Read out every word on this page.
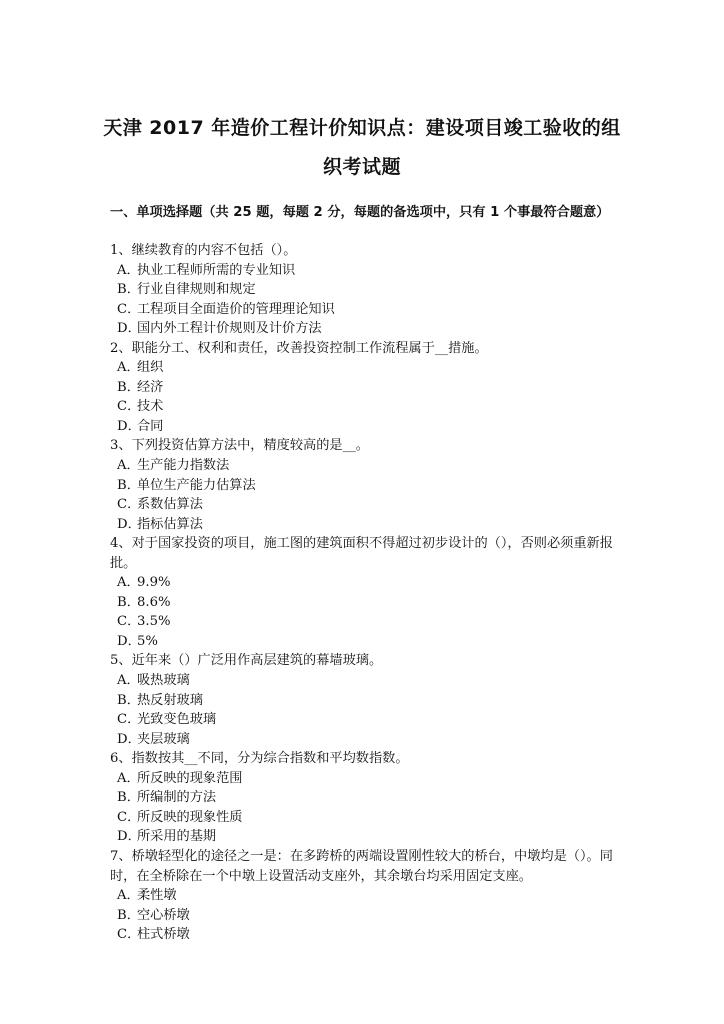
天津 2017 年造价工程计价知识点：建设项目竣工验收的组
织考试题
一、单项选择题（共 25 题，每题 2 分，每题的备选项中，只有 1 个事最符合题意）
1、继续教育的内容不包括（）。
A．执业工程师所需的专业知识
B．行业自律规则和规定
C．工程项目全面造价的管理理论知识
D．国内外工程计价规则及计价方法
2、职能分工、权利和责任，改善投资控制工作流程属于__措施。
A．组织
B．经济
C．技术
D．合同
3、下列投资估算方法中，精度较高的是__。
A．生产能力指数法
B．单位生产能力估算法
C．系数估算法
D．指标估算法
4、对于国家投资的项目，施工图的建筑面积不得超过初步设计的（），否则必须重新报批。
A．9.9%
B．8.6%
C．3.5%
D．5%
5、近年来（）广泛用作高层建筑的幕墙玻璃。
A．吸热玻璃
B．热反射玻璃
C．光致变色玻璃
D．夹层玻璃
6、指数按其__不同，分为综合指数和平均数指数。
A．所反映的现象范围
B．所编制的方法
C．所反映的现象性质
D．所采用的基期
7、桥墩轻型化的途径之一是：在多跨桥的两端设置刚性较大的桥台，中墩均是（）。同时，在全桥除在一个中墩上设置活动支座外，其余墩台均采用固定支座。
A．柔性墩
B．空心桥墩
C．柱式桥墩
